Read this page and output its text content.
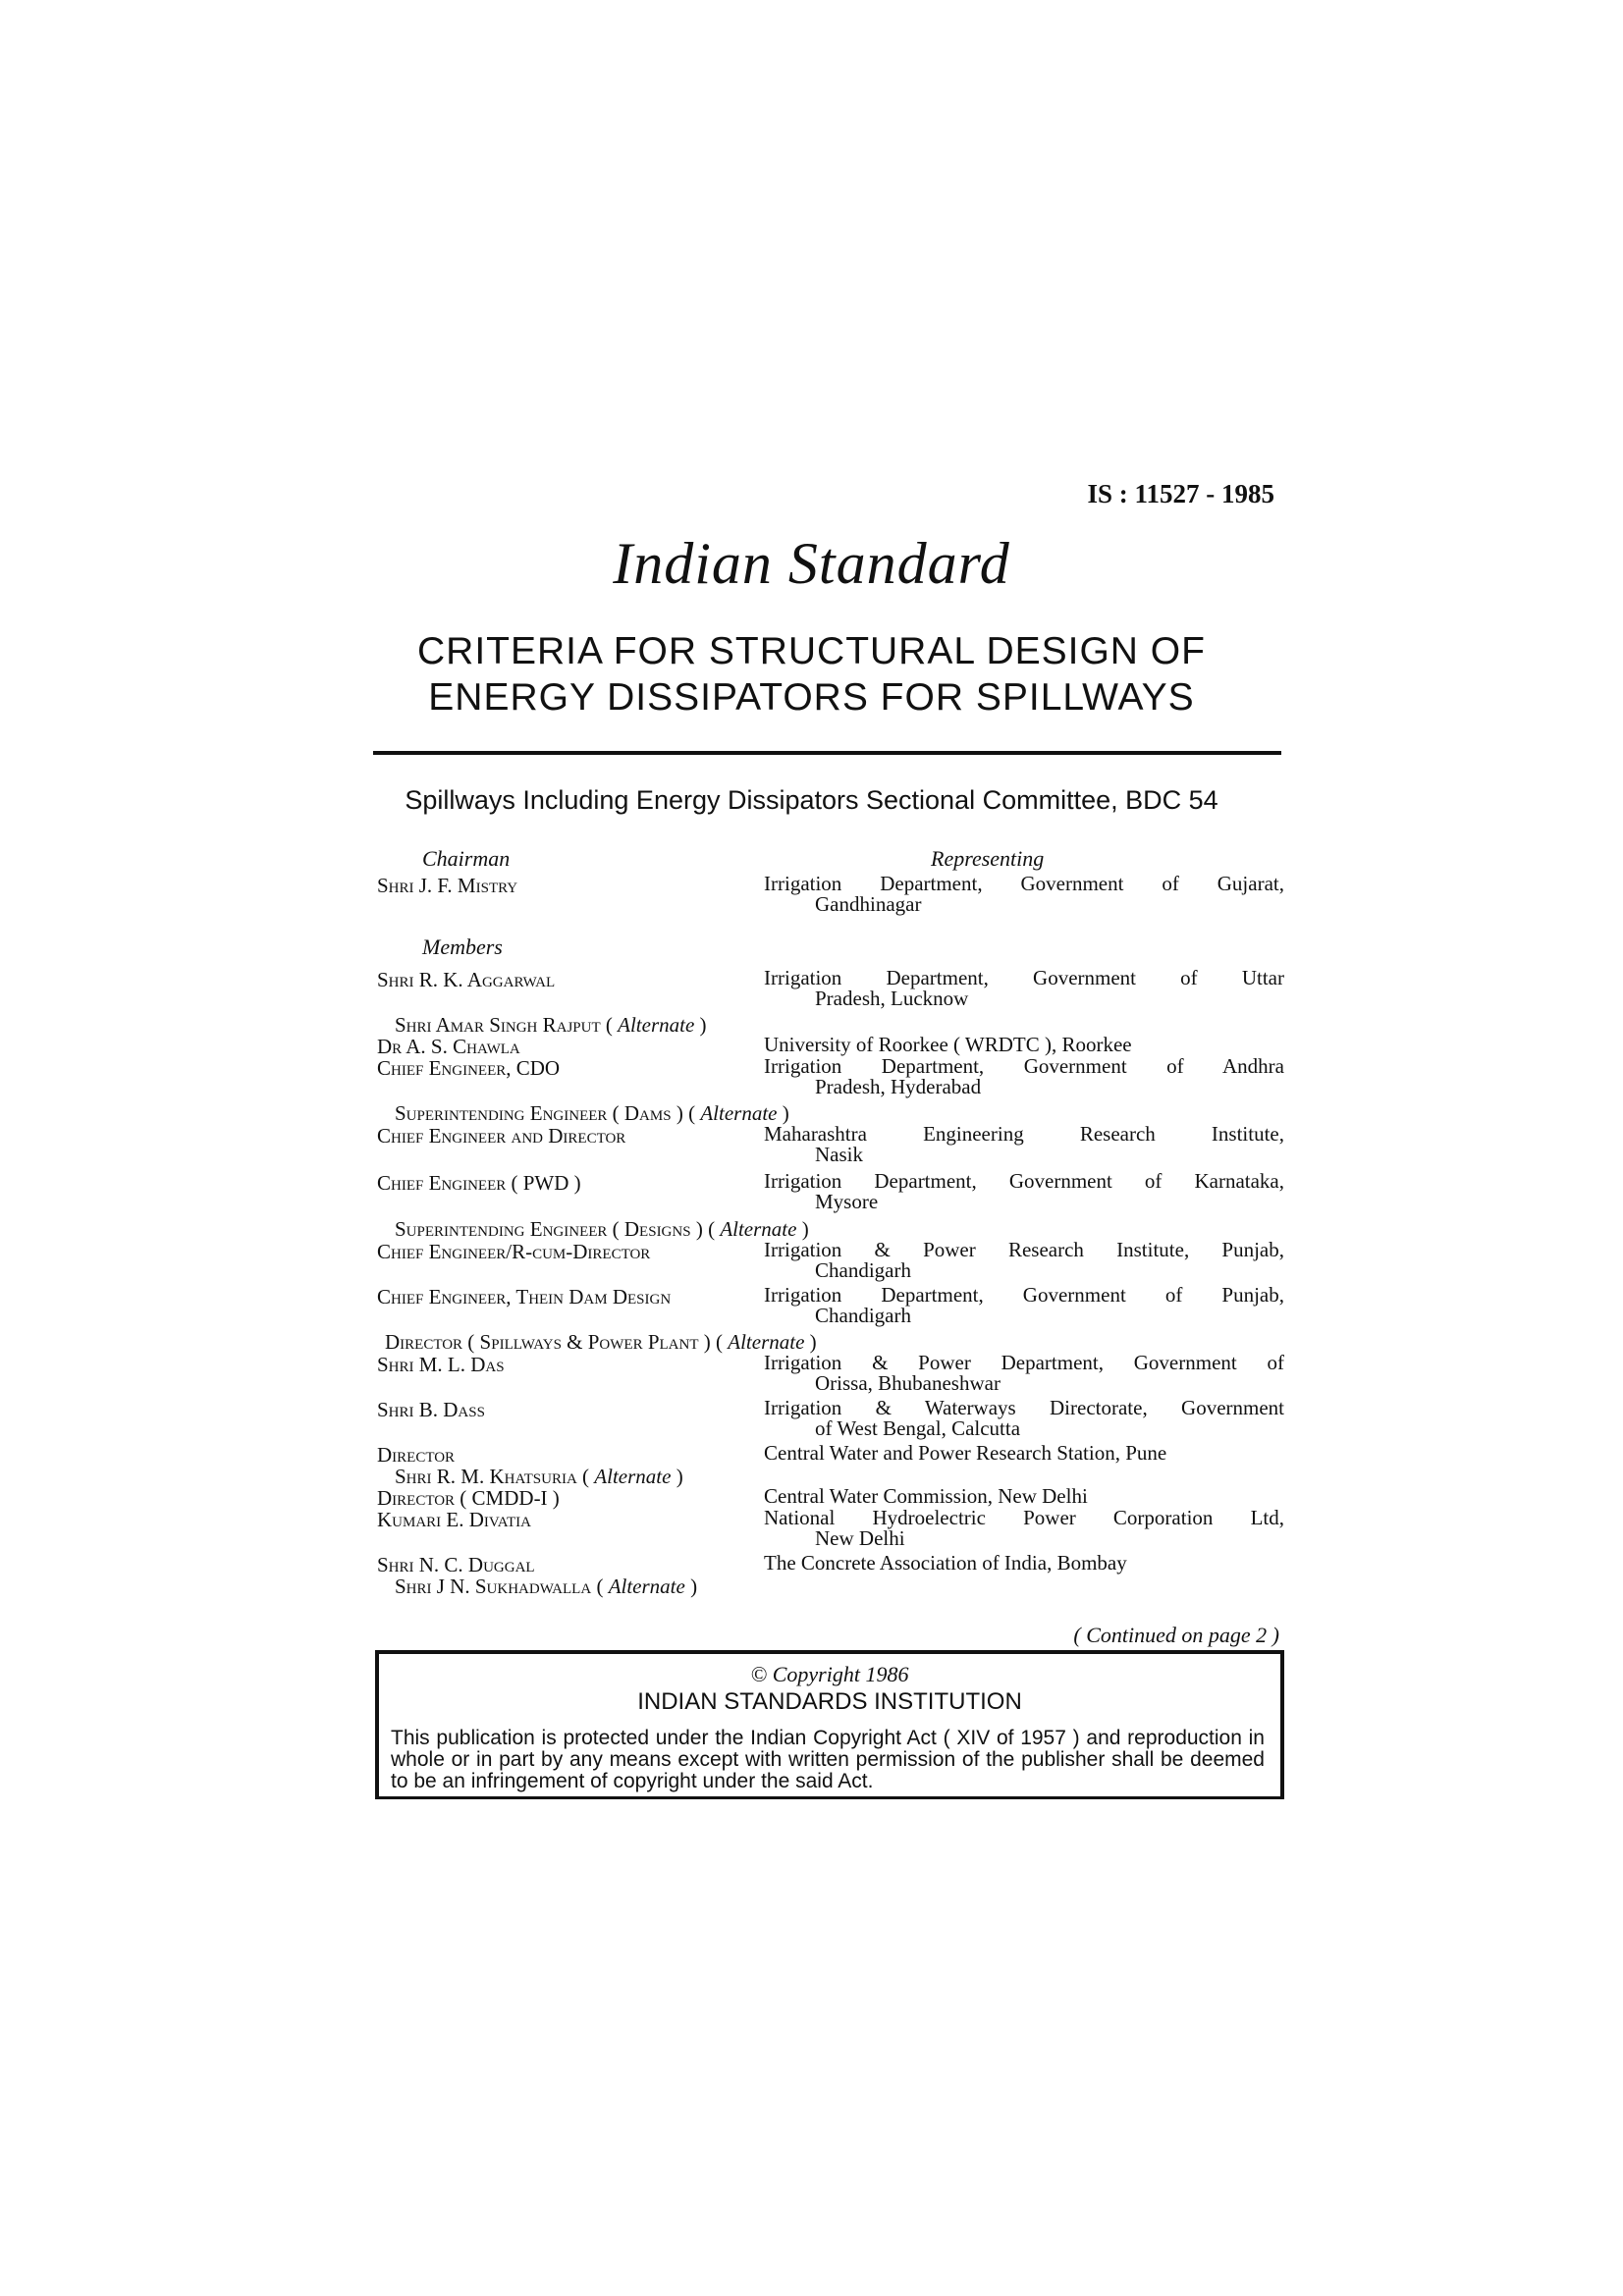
IS : 11527 - 1985
Indian Standard
CRITERIA FOR STRUCTURAL DESIGN OF
ENERGY DISSIPATORS FOR SPILLWAYS
Spillways Including Energy Dissipators Sectional Committee, BDC 54
Chairman	Representing
Shri J. F. Mistry	Irrigation Department, Government of Gujarat,
Gandhinagar
Members
Shri R. K. Aggarwal	Irrigation Department, Government of Uttar
Pradesh, Lucknow
Shri Amar Singh Rajput ( Alternate )
Dr A. S. Chawla	University of Roorkee ( WRDTC ), Roorkee
Chief Engineer, CDO	Irrigation Department, Government of Andhra
Pradesh, Hyderabad
Superintending Engineer ( Dams ) ( Alternate )
Chief Engineer and Director	Maharashtra Engineering Research Institute,
Nasik
Chief Engineer ( PWD )	Irrigation Department, Government of Karnataka,
Mysore
Superintending Engineer ( Designs ) ( Alternate )
Chief Engineer/R-cum-Director	Irrigation & Power Research Institute, Punjab,
Chandigarh
Chief Engineer, Thein Dam Design	Irrigation Department, Government of Punjab,
Chandigarh
Director ( Spillways & Power Plant ) ( Alternate )
Shri M. L. Das	Irrigation & Power Department, Government of
Orissa, Bhubaneshwar
Shri B. Dass	Irrigation & Waterways Directorate, Government
of West Bengal, Calcutta
Director	Central Water and Power Research Station, Pune
Shri R. M. Khatsuria ( Alternate )
Director ( CMDD-I )	Central Water Commission, New Delhi
Kumari E. Divatia	National Hydroelectric Power Corporation Ltd,
New Delhi
Shri N. C. Duggal	The Concrete Association of India, Bombay
Shri J N. Sukhadwalla ( Alternate )
( Continued on page 2 )
© Copyright 1986
INDIAN STANDARDS INSTITUTION
This publication is protected under the Indian Copyright Act ( XIV of 1957 ) and reproduction in whole or in part by any means except with written permission of the publisher shall be deemed to be an infringement of copyright under the said Act.
